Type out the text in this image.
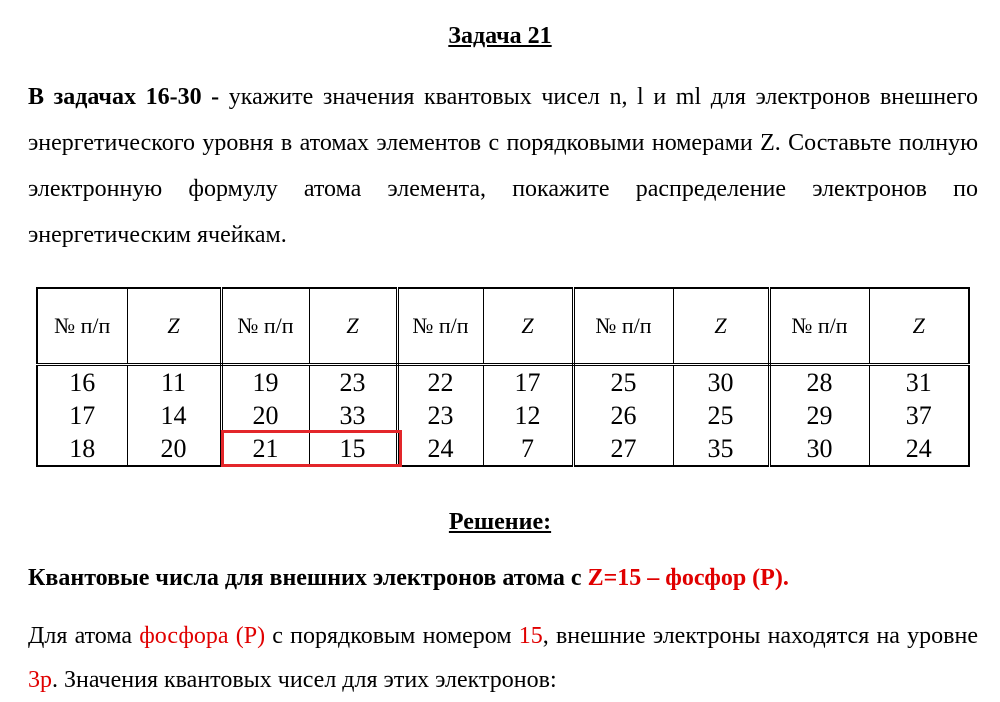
Задача 21
В задачах 16-30 - укажите значения квантовых чисел n, l и ml для электронов внешнего энергетического уровня в атомах элементов с порядковыми номерами Z. Составьте полную электронную формулу атома элемента, покажите распределение электронов по энергетическим ячейкам.
№ п/п	Z	№ п/п	Z	№ п/п	Z	№ п/п	Z	№ п/п	Z
16	11	19	23	22	17	25	30	28	31
17	14	20	33	23	12	26	25	29	37
18	20	21	15	24	7	27	35	30	24
Решение:
Квантовые числа для внешних электронов атома с Z=15 – фосфор (P).
Для атома фосфора (P) с порядковым номером 15, внешние электроны находятся на уровне 3p. Значения квантовых чисел для этих электронов:
